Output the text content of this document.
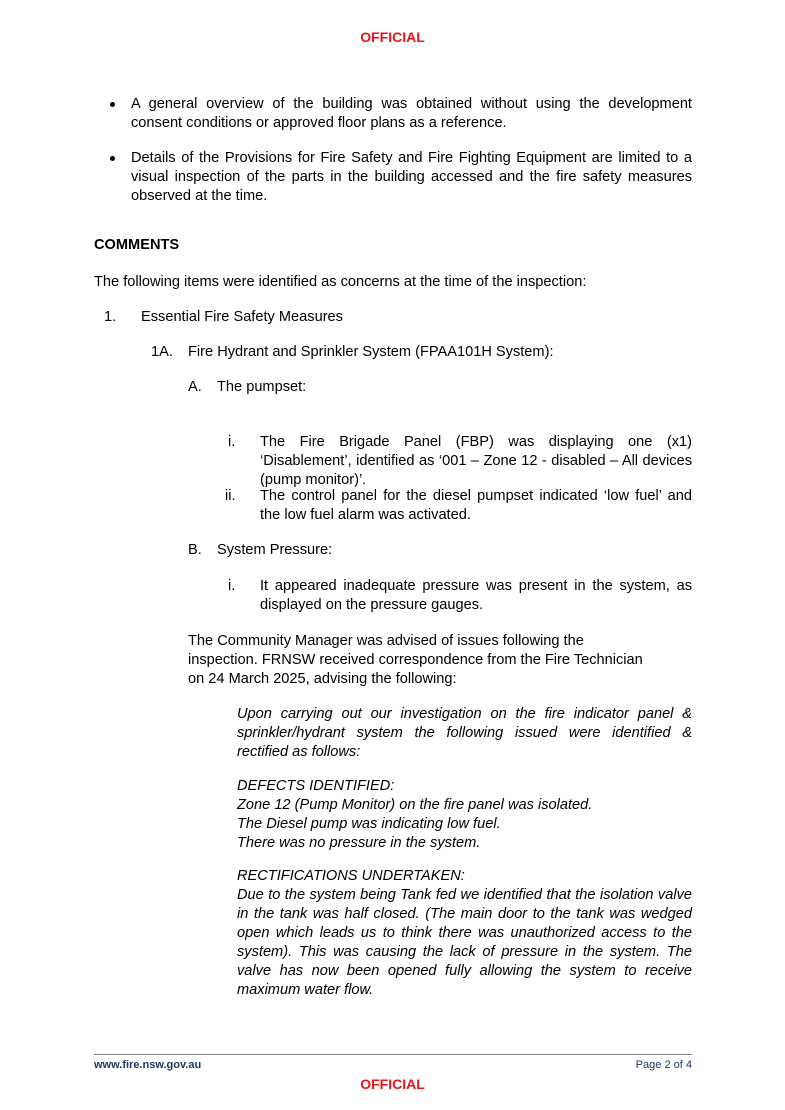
OFFICIAL
A general overview of the building was obtained without using the development consent conditions or approved floor plans as a reference.
Details of the Provisions for Fire Safety and Fire Fighting Equipment are limited to a visual inspection of the parts in the building accessed and the fire safety measures observed at the time.
COMMENTS
The following items were identified as concerns at the time of the inspection:
1. Essential Fire Safety Measures
1A. Fire Hydrant and Sprinkler System (FPAA101H System):
A. The pumpset:
i. The Fire Brigade Panel (FBP) was displaying one (x1) ‘Disablement’, identified as ‘001 – Zone 12 - disabled – All devices (pump monitor)’.
ii. The control panel for the diesel pumpset indicated ‘low fuel’ and the low fuel alarm was activated.
B. System Pressure:
i. It appeared inadequate pressure was present in the system, as displayed on the pressure gauges.
The Community Manager was advised of issues following the
inspection. FRNSW received correspondence from the Fire Technician
on 24 March 2025, advising the following:
Upon carrying out our investigation on the fire indicator panel & sprinkler/hydrant system the following issued were identified & rectified as follows:
DEFECTS IDENTIFIED:
Zone 12 (Pump Monitor) on the fire panel was isolated.
The Diesel pump was indicating low fuel.
There was no pressure in the system.
RECTIFICATIONS UNDERTAKEN:
Due to the system being Tank fed we identified that the isolation valve in the tank was half closed. (The main door to the tank was wedged open which leads us to think there was unauthorized access to the system). This was causing the lack of pressure in the system. The valve has now been opened fully allowing the system to receive maximum water flow.
www.fire.nsw.gov.au	Page 2 of 4
OFFICIAL
